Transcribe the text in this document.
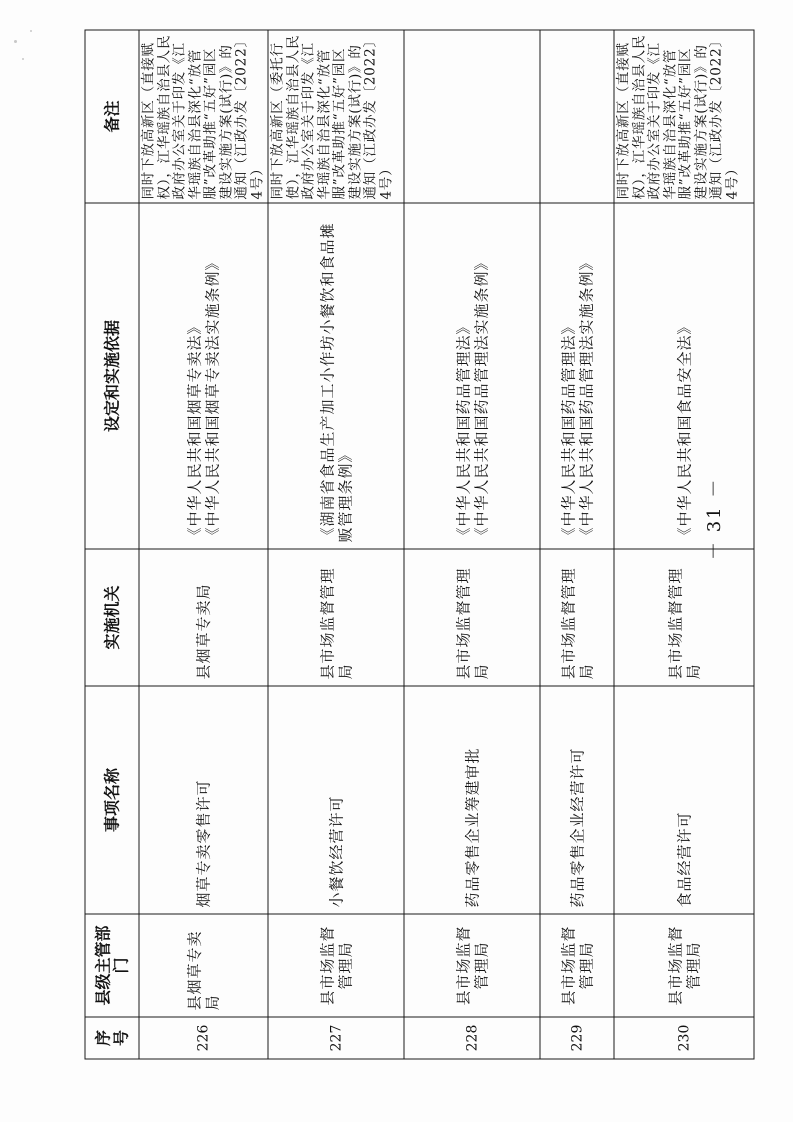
序号	县级主管部门	事项名称	实施机关	设定和实施依据	备注
226	县烟草专卖局	烟草专卖零售许可	县烟草专卖局	《中华人民共和国烟草专卖法》 《中华人民共和国烟草专卖法实施条例》	同时下放高新区（直接赋权），江华瑶族自治县人民政府办公室关于印发《江华瑶族自治县深化“放管服”改革助推“五好”园区建设实施方案(试行)》的通知（江政办发〔2022〕4号）
227	县市场监督管理局	小餐饮经营许可	县市场监督管理局	《湖南省食品生产加工小作坊小餐饮和食品摊贩管理条例》	同时下放高新区（委托行使），江华瑶族自治县人民政府办公室关于印发《江华瑶族自治县深化“放管服”改革助推“五好”园区建设实施方案(试行)》的通知（江政办发〔2022〕4号）
228	县市场监督管理局	药品零售企业筹建审批	县市场监督管理局	《中华人民共和国药品管理法》 《中华人民共和国药品管理法实施条例》	

229	县市场监督管理局	药品零售企业经营许可	县市场监督管理局	《中华人民共和国药品管理法》 《中华人民共和国药品管理法实施条例》	

230	县市场监督管理局	食品经营许可	县市场监督管理局	《中华人民共和国食品安全法》	同时下放高新区（直接赋权），江华瑶族自治县人民政府办公室关于印发《江华瑶族自治县深化“放管服”改革助推“五好”园区建设实施方案(试行)》的通知（江政办发〔2022〕4号）
－ 31 －
